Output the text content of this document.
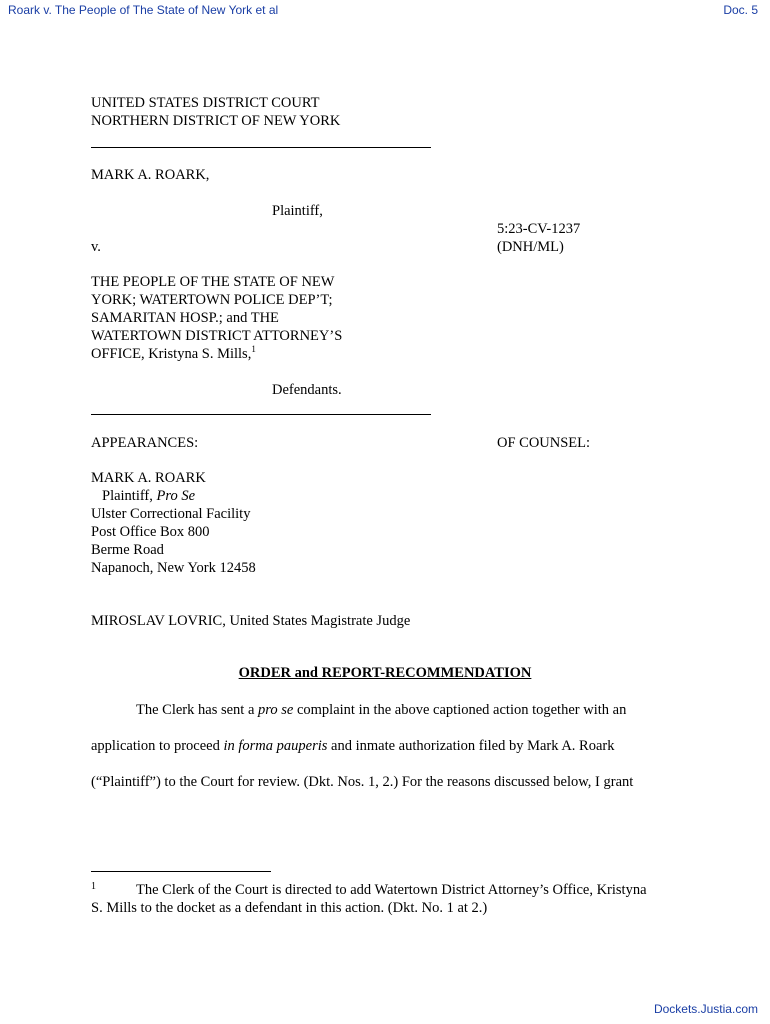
Roark v. The People of The State of New York et al	Doc. 5
UNITED STATES DISTRICT COURT
NORTHERN DISTRICT OF NEW YORK
MARK A. ROARK,
Plaintiff,
5:23-CV-1237
(DNH/ML)
v.
THE PEOPLE OF THE STATE OF NEW
YORK; WATERTOWN POLICE DEP’T;
SAMARITAN HOSP.; and THE
WATERTOWN DISTRICT ATTORNEY’S
OFFICE, Kristyna S. Mills,$^1$
Defendants.
APPEARANCES:	OF COUNSEL:
MARK A. ROARK
Plaintiff, Pro Se
Ulster Correctional Facility
Post Office Box 800
Berme Road
Napanoch, New York 12458
MIROSLAV LOVRIC, United States Magistrate Judge
ORDER and REPORT-RECOMMENDATION
The Clerk has sent a pro se complaint in the above captioned action together with an
application to proceed in forma pauperis and inmate authorization filed by Mark A. Roark
(“Plaintiff”) to the Court for review. (Dkt. Nos. 1, 2.) For the reasons discussed below, I grant
1	The Clerk of the Court is directed to add Watertown District Attorney’s Office, Kristyna
S. Mills to the docket as a defendant in this action. (Dkt. No. 1 at 2.)
Dockets.Justia.com
